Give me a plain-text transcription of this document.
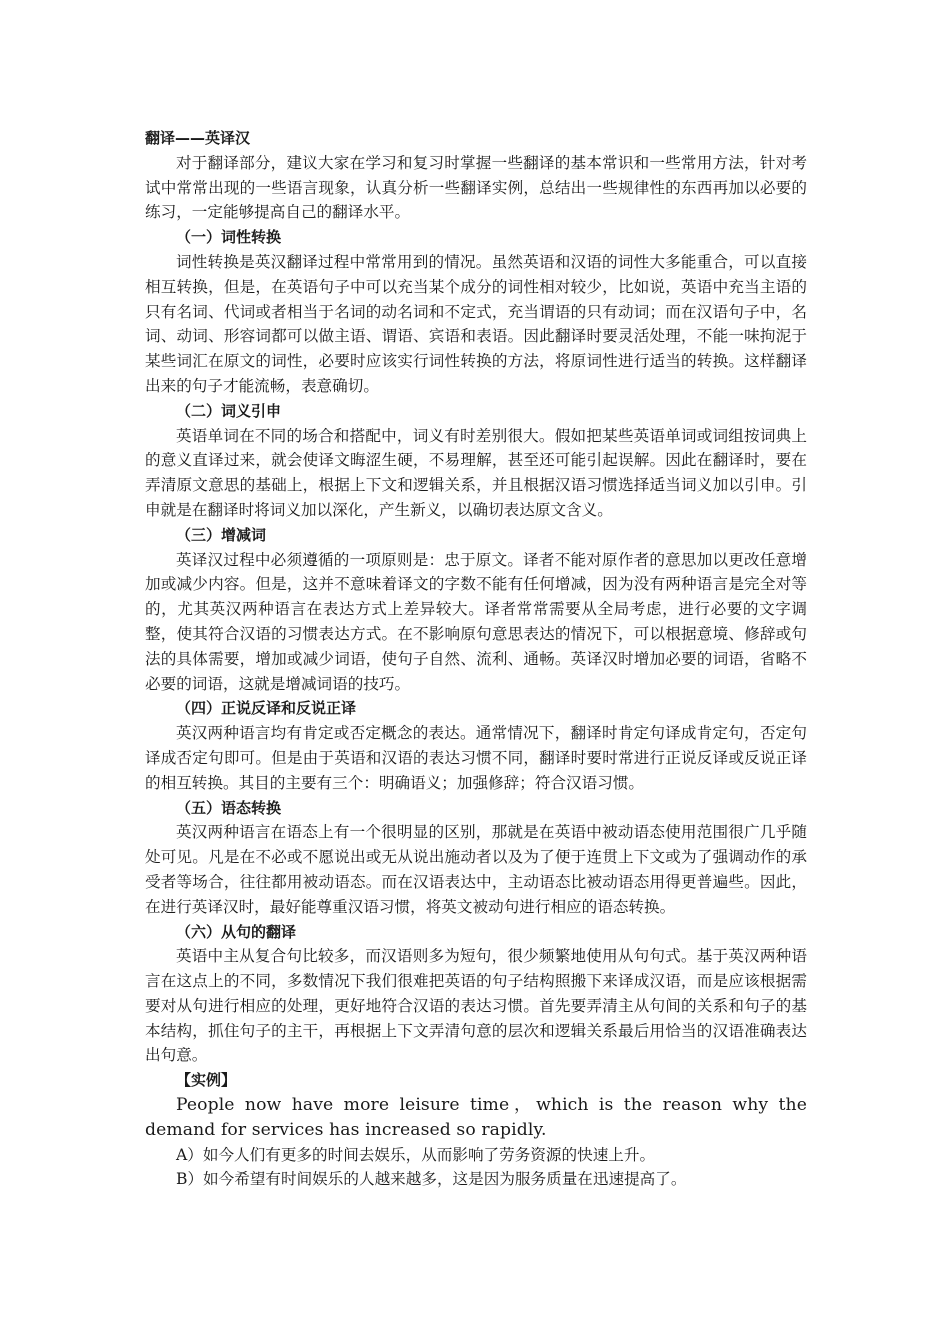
翻译——英译汉
对于翻译部分，建议大家在学习和复习时掌握一些翻译的基本常识和一些常用方法，针对考试中常常出现的一些语言现象，认真分析一些翻译实例，总结出一些规律性的东西再加以必要的练习，一定能够提高自己的翻译水平。
（一）词性转换
词性转换是英汉翻译过程中常常用到的情况。虽然英语和汉语的词性大多能重合，可以直接相互转换，但是，在英语句子中可以充当某个成分的词性相对较少，比如说，英语中充当主语的只有名词、代词或者相当于名词的动名词和不定式，充当谓语的只有动词；而在汉语句子中，名词、动词、形容词都可以做主语、谓语、宾语和表语。因此翻译时要灵活处理，不能一味拘泥于某些词汇在原文的词性，必要时应该实行词性转换的方法，将原词性进行适当的转换。这样翻译出来的句子才能流畅，表意确切。
（二）词义引申
英语单词在不同的场合和搭配中，词义有时差别很大。假如把某些英语单词或词组按词典上的意义直译过来，就会使译文晦涩生硬，不易理解，甚至还可能引起误解。因此在翻译时，要在弄清原文意思的基础上，根据上下文和逻辑关系，并且根据汉语习惯选择适当词义加以引申。引申就是在翻译时将词义加以深化，产生新义，以确切表达原文含义。
（三）增减词
英译汉过程中必须遵循的一项原则是：忠于原文。译者不能对原作者的意思加以更改任意增加或减少内容。但是，这并不意味着译文的字数不能有任何增减，因为没有两种语言是完全对等的，尤其英汉两种语言在表达方式上差异较大。译者常常需要从全局考虑，进行必要的文字调整，使其符合汉语的习惯表达方式。在不影响原句意思表达的情况下，可以根据意境、修辞或句法的具体需要，增加或减少词语，使句子自然、流利、通畅。英译汉时增加必要的词语，省略不必要的词语，这就是增减词语的技巧。
（四）正说反译和反说正译
英汉两种语言均有肯定或否定概念的表达。通常情况下，翻译时肯定句译成肯定句，否定句译成否定句即可。但是由于英语和汉语的表达习惯不同，翻译时要时常进行正说反译或反说正译的相互转换。其目的主要有三个：明确语义；加强修辞；符合汉语习惯。
（五）语态转换
英汉两种语言在语态上有一个很明显的区别，那就是在英语中被动语态使用范围很广几乎随处可见。凡是在不必或不愿说出或无从说出施动者以及为了便于连贯上下文或为了强调动作的承受者等场合，往往都用被动语态。而在汉语表达中，主动语态比被动语态用得更普遍些。因此，在进行英译汉时，最好能尊重汉语习惯，将英文被动句进行相应的语态转换。
（六）从句的翻译
英语中主从复合句比较多，而汉语则多为短句，很少频繁地使用从句句式。基于英汉两种语言在这点上的不同，多数情况下我们很难把英语的句子结构照搬下来译成汉语，而是应该根据需要对从句进行相应的处理，更好地符合汉语的表达习惯。首先要弄清主从句间的关系和句子的基本结构，抓住句子的主干，再根据上下文弄清句意的层次和逻辑关系最后用恰当的汉语准确表达出句意。
【实例】
People now have more leisure time，which is the reason why the demand for services has increased so rapidly.
A）如今人们有更多的时间去娱乐，从而影响了劳务资源的快速上升。
B）如今希望有时间娱乐的人越来越多，这是因为服务质量在迅速提高了。
